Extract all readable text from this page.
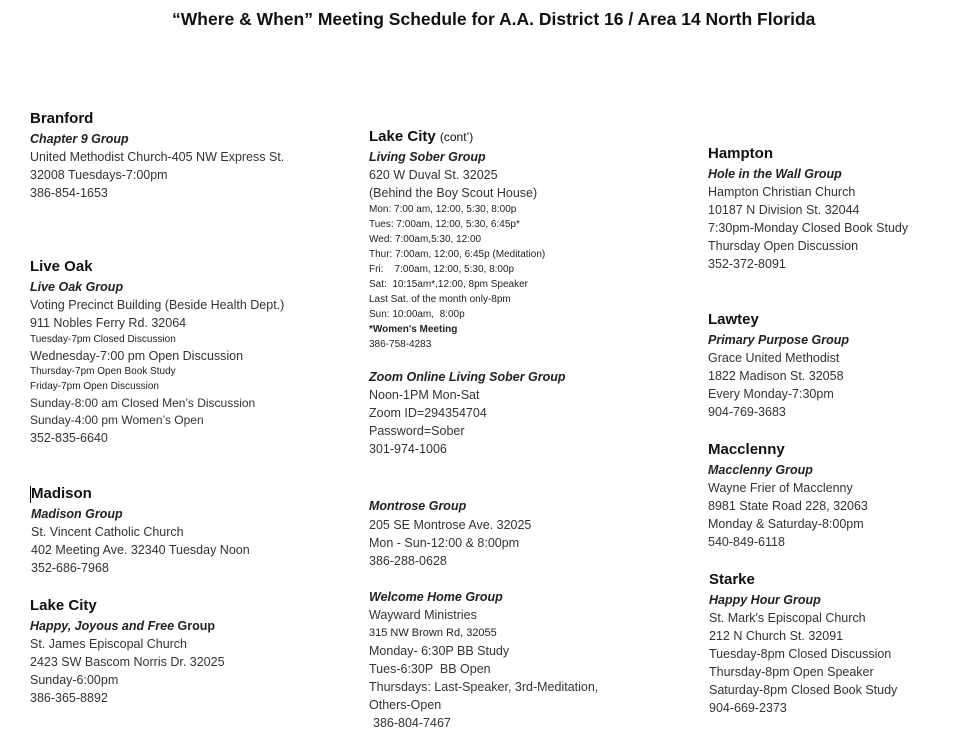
“Where & When” Meeting Schedule for A.A. District 16 / Area 14 North Florida
Branford
Chapter 9 Group
United Methodist Church-405 NW Express St.
32008 Tuesdays-7:00pm
386-854-1653
Live Oak
Live Oak Group
Voting Precinct Building (Beside Health Dept.)
911 Nobles Ferry Rd. 32064
Tuesday-7pm Closed Discussion
Wednesday-7:00 pm Open Discussion
Thursday-7pm Open Book Study
Friday-7pm Open Discussion
Sunday-8:00 am Closed Men’s Discussion
Sunday-4:00 pm Women’s Open
352-835-6640
Madison
Madison Group
St. Vincent Catholic Church
402 Meeting Ave. 32340 Tuesday Noon
352-686-7968
Lake City
Happy, Joyous and Free Group
St. James Episcopal Church
2423 SW Bascom Norris Dr. 32025
Sunday-6:00pm
386-365-8892
Lake City (cont’)
Living Sober Group
620 W Duval St. 32025
(Behind the Boy Scout House)
Mon: 7:00 am, 12:00, 5:30, 8:00p
Tues: 7:00am, 12:00, 5:30, 6:45p*
Wed: 7:00am,5:30, 12:00
Thur: 7:00am, 12:00, 6:45p (Meditation)
Fri:    7:00am, 12:00, 5:30, 8:00p
Sat:  10:15am*,12:00, 8pm Speaker
Last Sat. of the month only-8pm
Sun: 10:00am,  8:00p
*Women's Meeting
386-758-4283
Zoom Online Living Sober Group
Noon-1PM Mon-Sat
Zoom ID=294354704
Password=Sober
301-974-1006
Montrose Group
205 SE Montrose Ave. 32025
Mon - Sun-12:00 & 8:00pm
386-288-0628
Welcome Home Group
Wayward Ministries
315 NW Brown Rd, 32055
Monday- 6:30P BB Study
Tues-6:30P  BB Open
Thursdays: Last-Speaker, 3rd-Meditation,
Others-Open
386-804-7467
Hampton
Hole in the Wall Group
Hampton Christian Church
10187 N Division St. 32044
7:30pm-Monday Closed Book Study
Thursday Open Discussion
352-372-8091
Lawtey
Primary Purpose Group
Grace United Methodist
1822 Madison St. 32058
Every Monday-7:30pm
904-769-3683
Macclenny
Macclenny Group
Wayne Frier of Macclenny
8981 State Road 228, 32063
Monday & Saturday-8:00pm
540-849-6118
Starke
Happy Hour Group
St. Mark's Episcopal Church
212 N Church St. 32091
Tuesday-8pm Closed Discussion
Thursday-8pm Open Speaker
Saturday-8pm Closed Book Study
904-669-2373
